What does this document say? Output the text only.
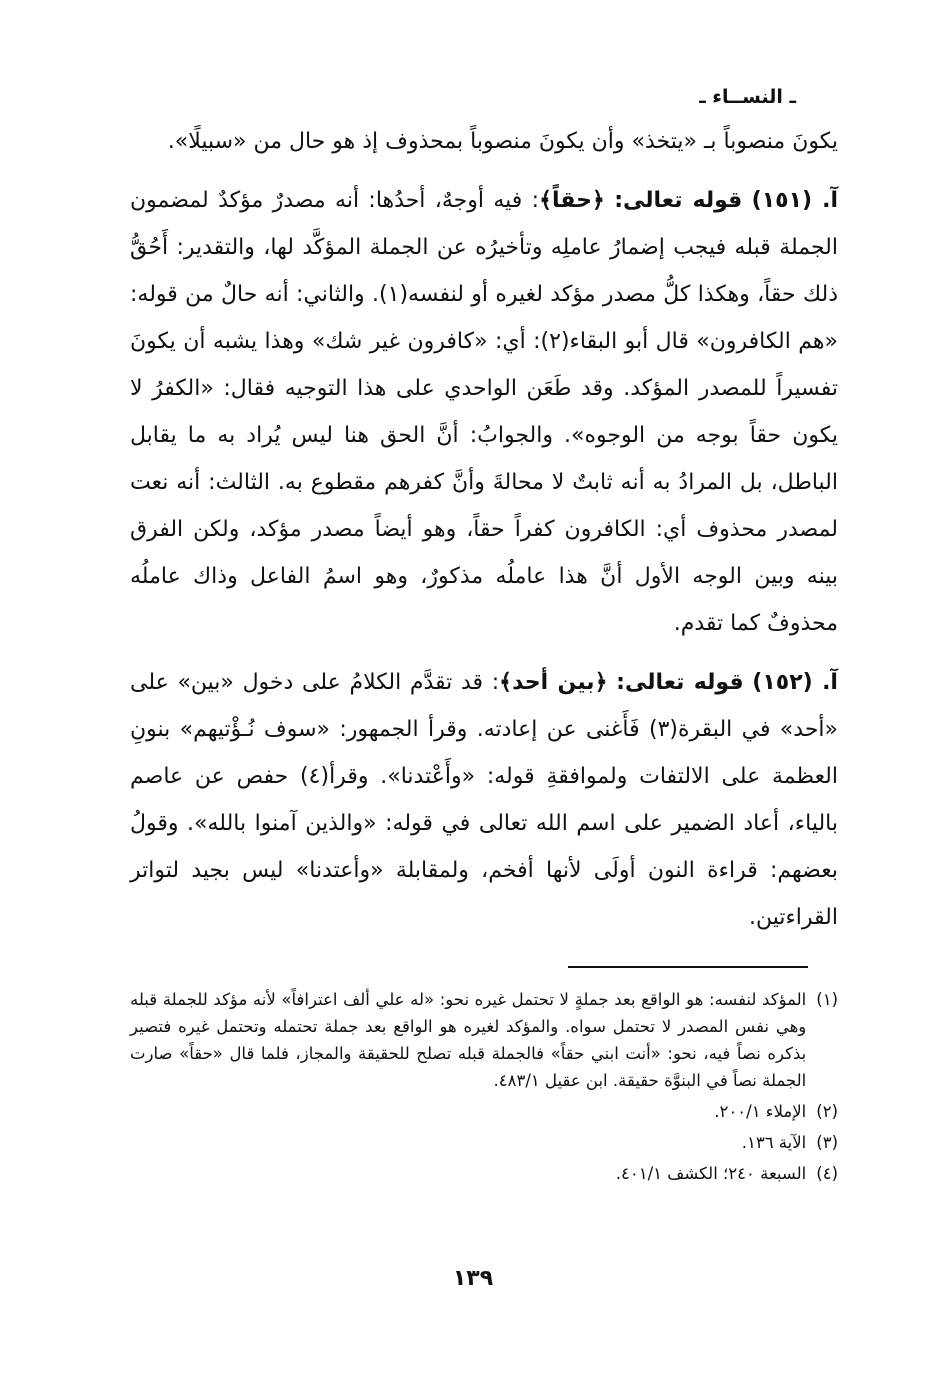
ـ النســاء ـ

يكونَ منصوباً بـ «يتخذ» وأن يكونَ منصوباً بمحذوف إذ هو حال من «سبيلًا».

آ. (١٥١) قوله تعالى: ﴿حقاً﴾: فيه أوجهٌ، أحدُها: أنه مصدرٌ مؤكدٌ لمضمون الجملة قبله فيجب إضمارُ عاملِه وتأخيرُه عن الجملة المؤكَّد لها، والتقدير: أَحُقُّ ذلك حقاً، وهكذا كلُّ مصدر مؤكد لغيره أو لنفسه(١). والثاني: أنه حالٌ من قوله: «هم الكافرون» قال أبو البقاء(٢): أي: «كافرون غير شك» وهذا يشبه أن يكونَ تفسيراً للمصدر المؤكد. وقد طَعَن الواحدي على هذا التوجيه فقال: «الكفرُ لا يكون حقاً بوجه من الوجوه». والجوابُ: أنَّ الحق هنا ليس يُراد به ما يقابل الباطل، بل المرادُ به أنه ثابتٌ لا محالةَ وأنَّ كفرهم مقطوع به. الثالث: أنه نعت لمصدر محذوف أي: الكافرون كفراً حقاً، وهو أيضاً مصدر مؤكد، ولكن الفرق بينه وبين الوجه الأول أنَّ هذا عاملُه مذكورٌ، وهو اسمُ الفاعل وذاك عاملُه محذوفٌ كما تقدم.

آ. (١٥٢) قوله تعالى: ﴿بين أحد﴾: قد تقدَّم الكلامُ على دخول «بين» على «أحد» في البقرة(٣) فَأَغنى عن إعادته. وقرأ الجمهور: «سوف نُـؤْتيهم» بنونِ العظمة على الالتفات ولموافقةِ قوله: «وأَعْتدنا». وقرأ(٤) حفص عن عاصم بالياء، أعاد الضمير على اسم الله تعالى في قوله: «والذين آمنوا بالله». وقولُ بعضهم: قراءة النون أولَى لأنها أفخم، ولمقابلة «وأعتدنا» ليس بجيد لتواتر القراءتين.

(١)
المؤكد لنفسه: هو الواقع بعد جملةٍ لا تحتمل غيره نحو: «له علي ألف اعترافاً» لأنه مؤكد للجملة قبله وهي نفس المصدر لا تحتمل سواه. والمؤكد لغيره هو الواقع بعد جملة تحتمله وتحتمل غيره فتصير بذكره نصاً فيه، نحو: «أنت ابني حقاً» فالجملة قبله تصلح للحقيقة والمجاز، فلما قال «حقاً» صارت الجملة نصاً في البنوَّة حقيقة. ابن عقيل ٤٨٣/١.
(٢)
الإملاء ٢٠٠/١.
(٣)
الآية ١٣٦.
(٤)
السبعة ٢٤٠؛ الكشف ٤٠١/١.
١٣٩
